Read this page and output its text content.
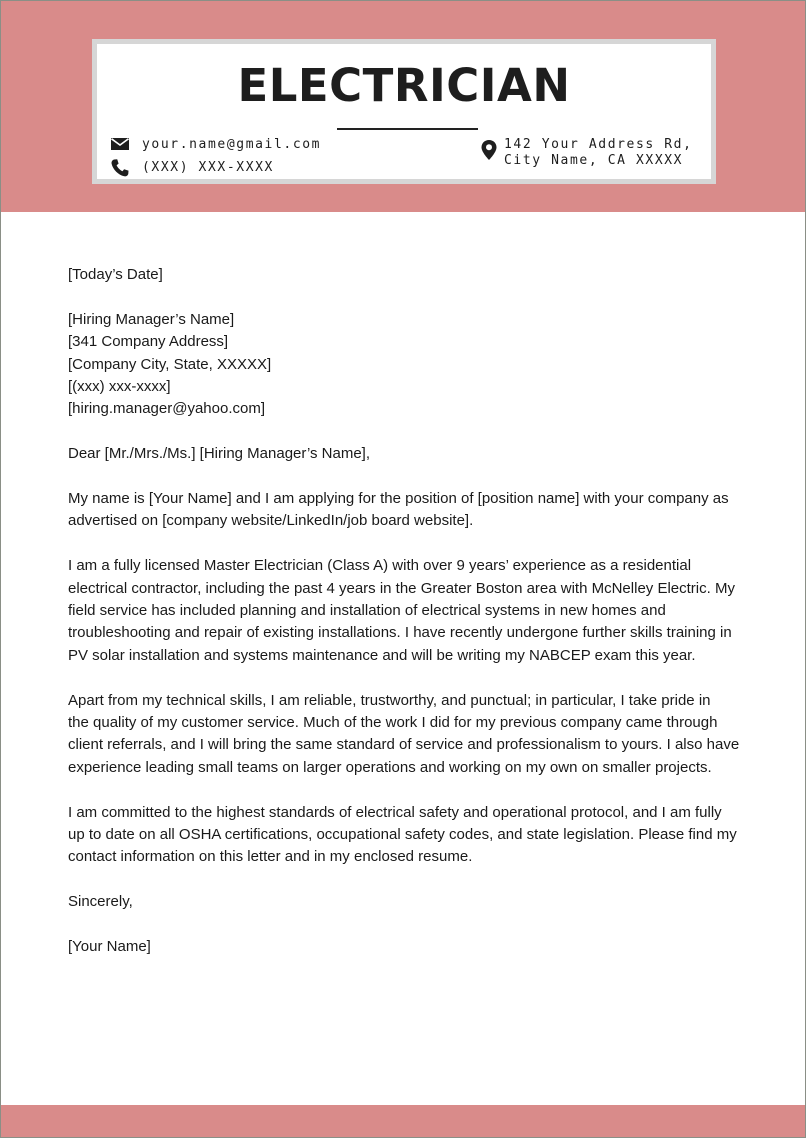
ELECTRICIAN
your.name@gmail.com
(XXX) XXX-XXXX
142 Your Address Rd,
City Name, CA XXXXX

[Today’s Date]

[Hiring Manager’s Name]
[341 Company Address]
[Company City, State, XXXXX]
[(xxx) xxx-xxxx]
[hiring.manager@yahoo.com]

Dear [Mr./Mrs./Ms.] [Hiring Manager’s Name],

My name is [Your Name] and I am applying for the position of [position name] with your company as
advertised on [company website/LinkedIn/job board website].

I am a fully licensed Master Electrician (Class A) with over 9 years’ experience as a residential
electrical contractor, including the past 4 years in the Greater Boston area with McNelley Electric. My
field service has included planning and installation of electrical systems in new homes and
troubleshooting and repair of existing installations. I have recently undergone further skills training in
PV solar installation and systems maintenance and will be writing my NABCEP exam this year.

Apart from my technical skills, I am reliable, trustworthy, and punctual; in particular, I take pride in
the quality of my customer service. Much of the work I did for my previous company came through
client referrals, and I will bring the same standard of service and professionalism to yours. I also have
experience leading small teams on larger operations and working on my own on smaller projects.

I am committed to the highest standards of electrical safety and operational protocol, and I am fully
up to date on all OSHA certifications, occupational safety codes, and state legislation. Please find my
contact information on this letter and in my enclosed resume.

Sincerely,

[Your Name]
